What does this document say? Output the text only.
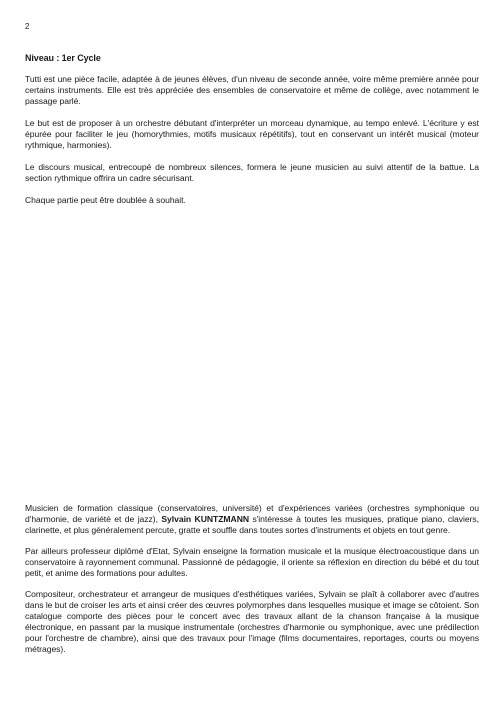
2
Niveau : 1er Cycle

Tutti est une pièce facile, adaptée à de jeunes élèves, d'un niveau de seconde année, voire même première année pour certains instruments. Elle est très appréciée des ensembles de conservatoire et même de collège, avec notamment le passage parlé.

Le but est de proposer à un orchestre débutant d'interpréter un morceau dynamique, au tempo enlevé. L'écriture y est épurée pour faciliter le jeu (homorythmies, motifs musicaux répétitifs), tout en conservant un intérêt musical (moteur rythmique, harmonies).

Le discours musical, entrecoupé de nombreux silences, formera le jeune musicien au suivi attentif de la battue. La section rythmique offrira un cadre sécurisant.

Chaque partie peut être doublée à souhait.

Musicien de formation classique (conservatoires, université) et d'expériences variées (orchestres symphonique ou d'harmonie, de variété et de jazz), Sylvain KUNTZMANN s'intéresse à toutes les musiques, pratique piano, claviers, clarinette, et plus généralement percute, gratte et souffle dans toutes sortes d'instruments et objets en tout genre.

Par ailleurs professeur diplômé d'Etat, Sylvain enseigne la formation musicale et la musique électroacoustique dans un conservatoire à rayonnement communal. Passionné de pédagogie, il oriente sa réflexion en direction du bébé et du tout petit, et anime des formations pour adultes.

Compositeur, orchestrateur et arrangeur de musiques d'esthétiques variées, Sylvain se plaît à collaborer avec d'autres dans le but de croiser les arts et ainsi créer des œuvres polymorphes dans lesquelles musique et image se côtoient. Son catalogue comporte des pièces pour le concert avec des travaux allant de la chanson française à la musique électronique, en passant par la musique instrumentale (orchestres d'harmonie ou symphonique, avec une prédilection pour l'orchestre de chambre), ainsi que des travaux pour l'image (films documentaires, reportages, courts ou moyens métrages).
